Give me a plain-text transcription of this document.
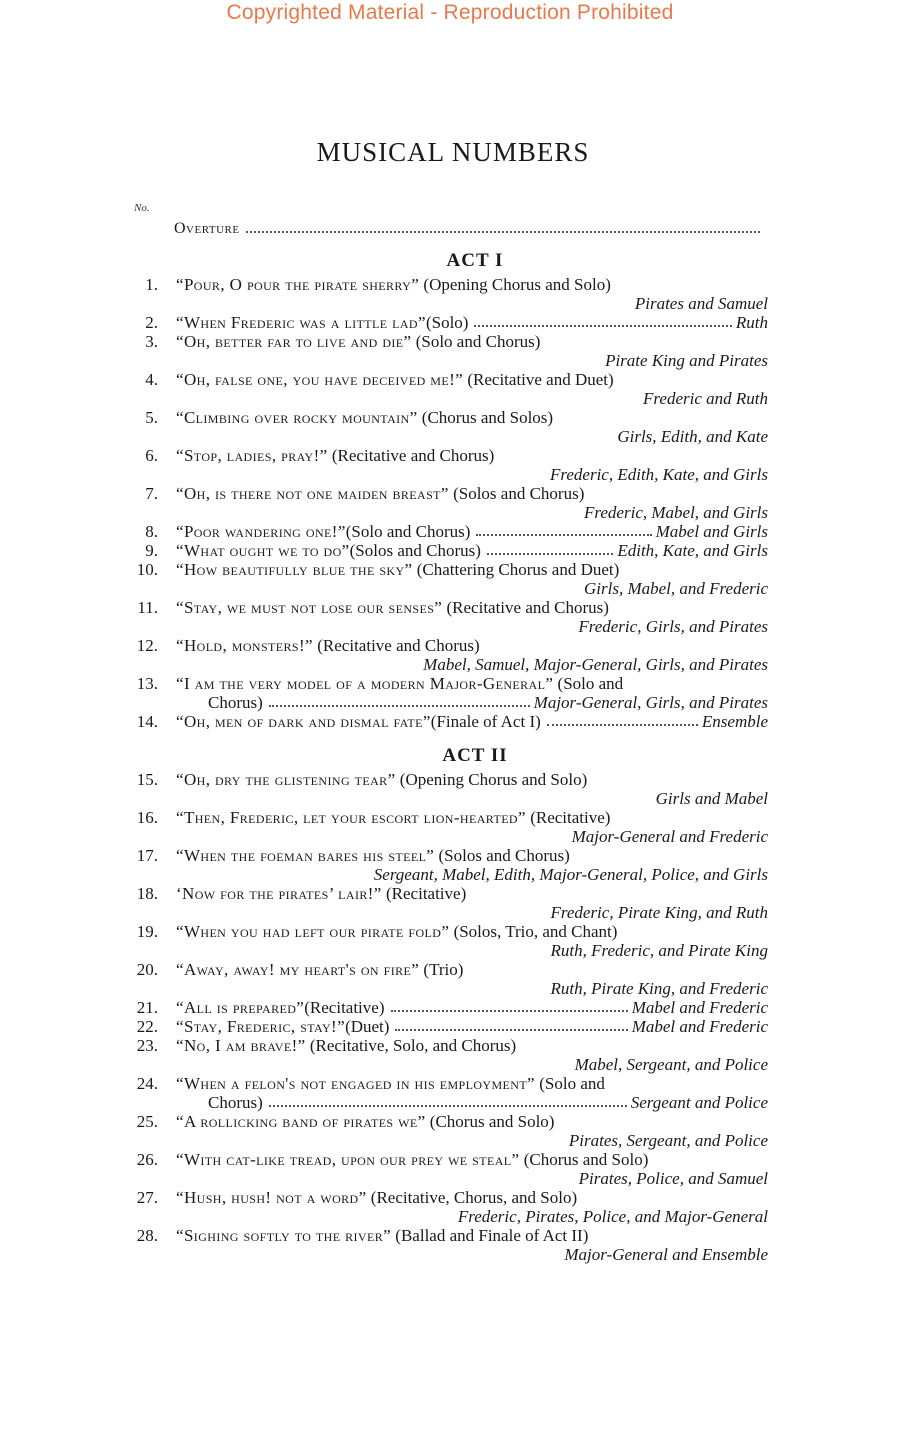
Copyrighted Material - Reproduction Prohibited
MUSICAL NUMBERS
No.
Overture
ACT I
1. “Pour, O pour the pirate sherry” (Opening Chorus and Solo)
Pirates and Samuel
2. “When Frederic was a little lad” (Solo)	Ruth
3. “Oh, better far to live and die” (Solo and Chorus)
Pirate King and Pirates
4. “Oh, false one, you have deceived me!” (Recitative and Duet)
Frederic and Ruth
5. “Climbing over rocky mountain” (Chorus and Solos)
Girls, Edith, and Kate
6. “Stop, ladies, pray!” (Recitative and Chorus)
Frederic, Edith, Kate, and Girls
7. “Oh, is there not one maiden breast” (Solos and Chorus)
Frederic, Mabel, and Girls
8. “Poor wandering one!” (Solo and Chorus)	Mabel and Girls
9. “What ought we to do” (Solos and Chorus)	Edith, Kate, and Girls
10. “How beautifully blue the sky” (Chattering Chorus and Duet)
Girls, Mabel, and Frederic
11. “Stay, we must not lose our senses” (Recitative and Chorus)
Frederic, Girls, and Pirates
12. “Hold, monsters!” (Recitative and Chorus)
Mabel, Samuel, Major-General, Girls, and Pirates
13. “I am the very model of a modern Major-General” (Solo and
Chorus)	Major-General, Girls, and Pirates
14. “Oh, men of dark and dismal fate” (Finale of Act I)	Ensemble
ACT II
15. “Oh, dry the glistening tear” (Opening Chorus and Solo)
Girls and Mabel
16. “Then, Frederic, let your escort lion-hearted” (Recitative)
Major-General and Frederic
17. “When the foeman bares his steel” (Solos and Chorus)
Sergeant, Mabel, Edith, Major-General, Police, and Girls
18. ‘Now for the pirates’ lair!” (Recitative)
Frederic, Pirate King, and Ruth
19. “When you had left our pirate fold” (Solos, Trio, and Chant)
Ruth, Frederic, and Pirate King
20. “Away, away! my heart's on fire” (Trio)
Ruth, Pirate King, and Frederic
21. “All is prepared” (Recitative)	Mabel and Frederic
22. “Stay, Frederic, stay!” (Duet)	Mabel and Frederic
23. “No, I am brave!” (Recitative, Solo, and Chorus)
Mabel, Sergeant, and Police
24. “When a felon's not engaged in his employment” (Solo and
Chorus)	Sergeant and Police
25. “A rollicking band of pirates we” (Chorus and Solo)
Pirates, Sergeant, and Police
26. “With cat-like tread, upon our prey we steal” (Chorus and Solo)
Pirates, Police, and Samuel
27. “Hush, hush! not a word” (Recitative, Chorus, and Solo)
Frederic, Pirates, Police, and Major-General
28. “Sighing softly to the river” (Ballad and Finale of Act II)
Major-General and Ensemble
